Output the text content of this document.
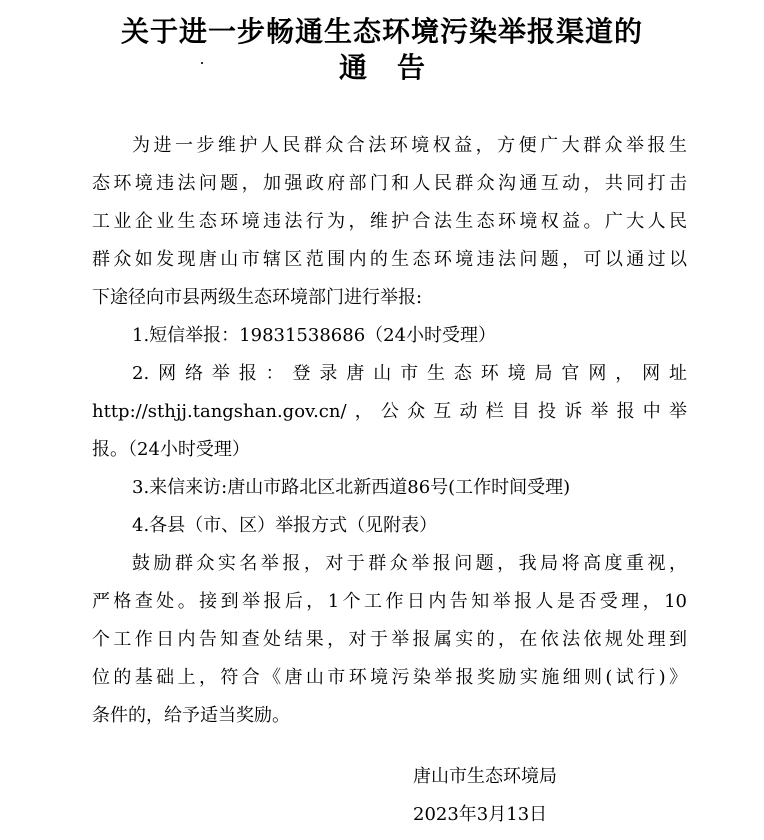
关于进一步畅通生态环境污染举报渠道的
通告

为进一步维护人民群众合法环境权益，方便广大群众举报生
态环境违法问题，加强政府部门和人民群众沟通互动，共同打击
工业企业生态环境违法行为，维护合法生态环境权益。广大人民
群众如发现唐山市辖区范围内的生态环境违法问题，可以通过以

下途径向市县两级生态环境部门进行举报:

1.短信举报：19831538686（24小时受理）

2.网络举报：登录唐山市生态环境局官网，网址
http://sthjj.tangshan.gov.cn/，公众互动栏目投诉举报中举

报。（24小时受理）

3.来信来访:唐山市路北区北新西道86号(工作时间受理)
4.各县（市、区）举报方式（见附表）

鼓励群众实名举报，对于群众举报问题，我局将高度重视，
严格查处。接到举报后，1个工作日内告知举报人是否受理，10
个工作日内告知查处结果，对于举报属实的，在依法依规处理到
位的基础上，符合《唐山市环境污染举报奖励实施细则(试行)》

条件的，给予适当奖励。

唐山市生态环境局
2023年3月13日
